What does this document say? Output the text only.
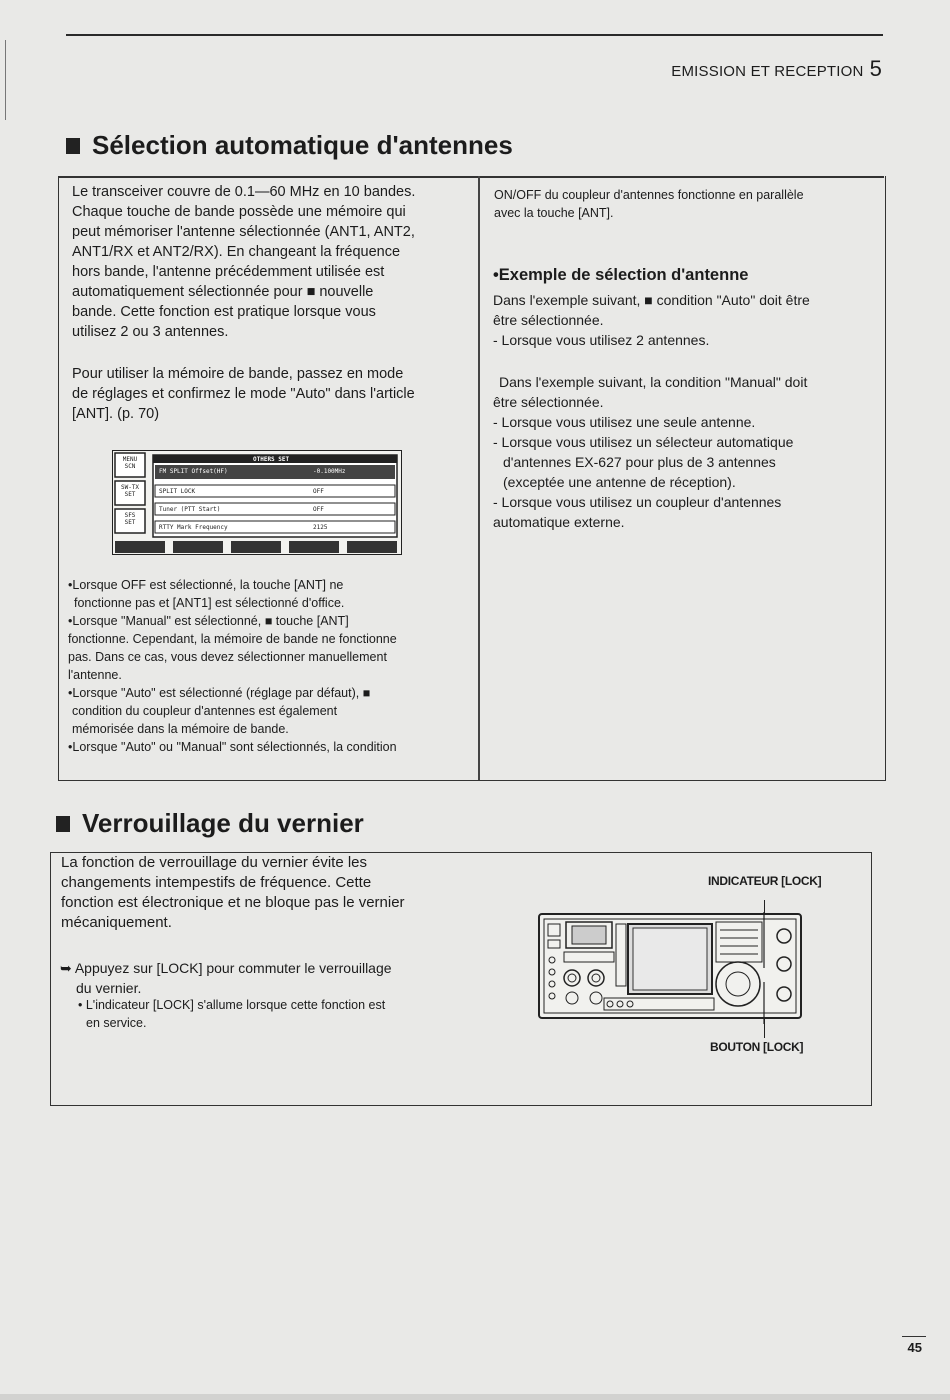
EMISSION ET RECEPTION 5
Sélection automatique d'antennes
Le transceiver couvre de 0.1—60 MHz en 10 bandes.
Chaque touche de bande possède une mémoire qui
peut mémoriser l'antenne sélectionnée (ANT1, ANT2,
ANT1/RX et ANT2/RX). En changeant la fréquence
hors bande, l'antenne précédemment utilisée est
automatiquement sélectionnée pour ■ nouvelle
bande. Cette fonction est pratique lorsque vous
utilisez 2 ou 3 antennes.
Pour utiliser la mémoire de bande, passez en mode
de réglages et confirmez le mode "Auto" dans l'article
[ANT]. (p. 70)
OTHERS SET
MENU
SCN
SW-TX
SET
SFS
SET
FM SPLIT Offset(HF)	-0.100MHz
SPLIT LOCK	OFF
Tuner (PTT Start)	OFF
RTTY Mark Frequency	2125
•Lorsque OFF est sélectionné, la touche [ANT] ne
fonctionne pas et [ANT1] est sélectionné d'office.
•Lorsque "Manual" est sélectionné, ■ touche [ANT]
fonctionne. Cependant, la mémoire de bande ne fonctionne
pas. Dans ce cas, vous devez sélectionner manuellement
l'antenne.
•Lorsque "Auto" est sélectionné (réglage par défaut), ■
condition du coupleur d'antennes est également
mémorisée dans la mémoire de bande.
•Lorsque "Auto" ou "Manual" sont sélectionnés, la condition
ON/OFF du coupleur d'antennes fonctionne en parallèle
avec la touche [ANT].
•Exemple de sélection d'antenne
Dans l'exemple suivant, ■ condition "Auto" doit être
être sélectionnée.
- Lorsque vous utilisez 2 antennes.
Dans l'exemple suivant, la condition "Manual" doit
être sélectionnée.
- Lorsque vous utilisez une seule antenne.
- Lorsque vous utilisez un sélecteur automatique
d'antennes EX-627 pour plus de 3 antennes
(exceptée une antenne de réception).
- Lorsque vous utilisez un coupleur d'antennes
automatique externe.
Verrouillage du vernier
La fonction de verrouillage du vernier évite les
changements intempestifs de fréquence. Cette
fonction est électronique et ne bloque pas le vernier
mécaniquement.
➥ Appuyez sur [LOCK] pour commuter le verrouillage
du vernier.
• L'indicateur [LOCK] s'allume lorsque cette fonction est
en service.
INDICATEUR [LOCK]
BOUTON [LOCK]
45
